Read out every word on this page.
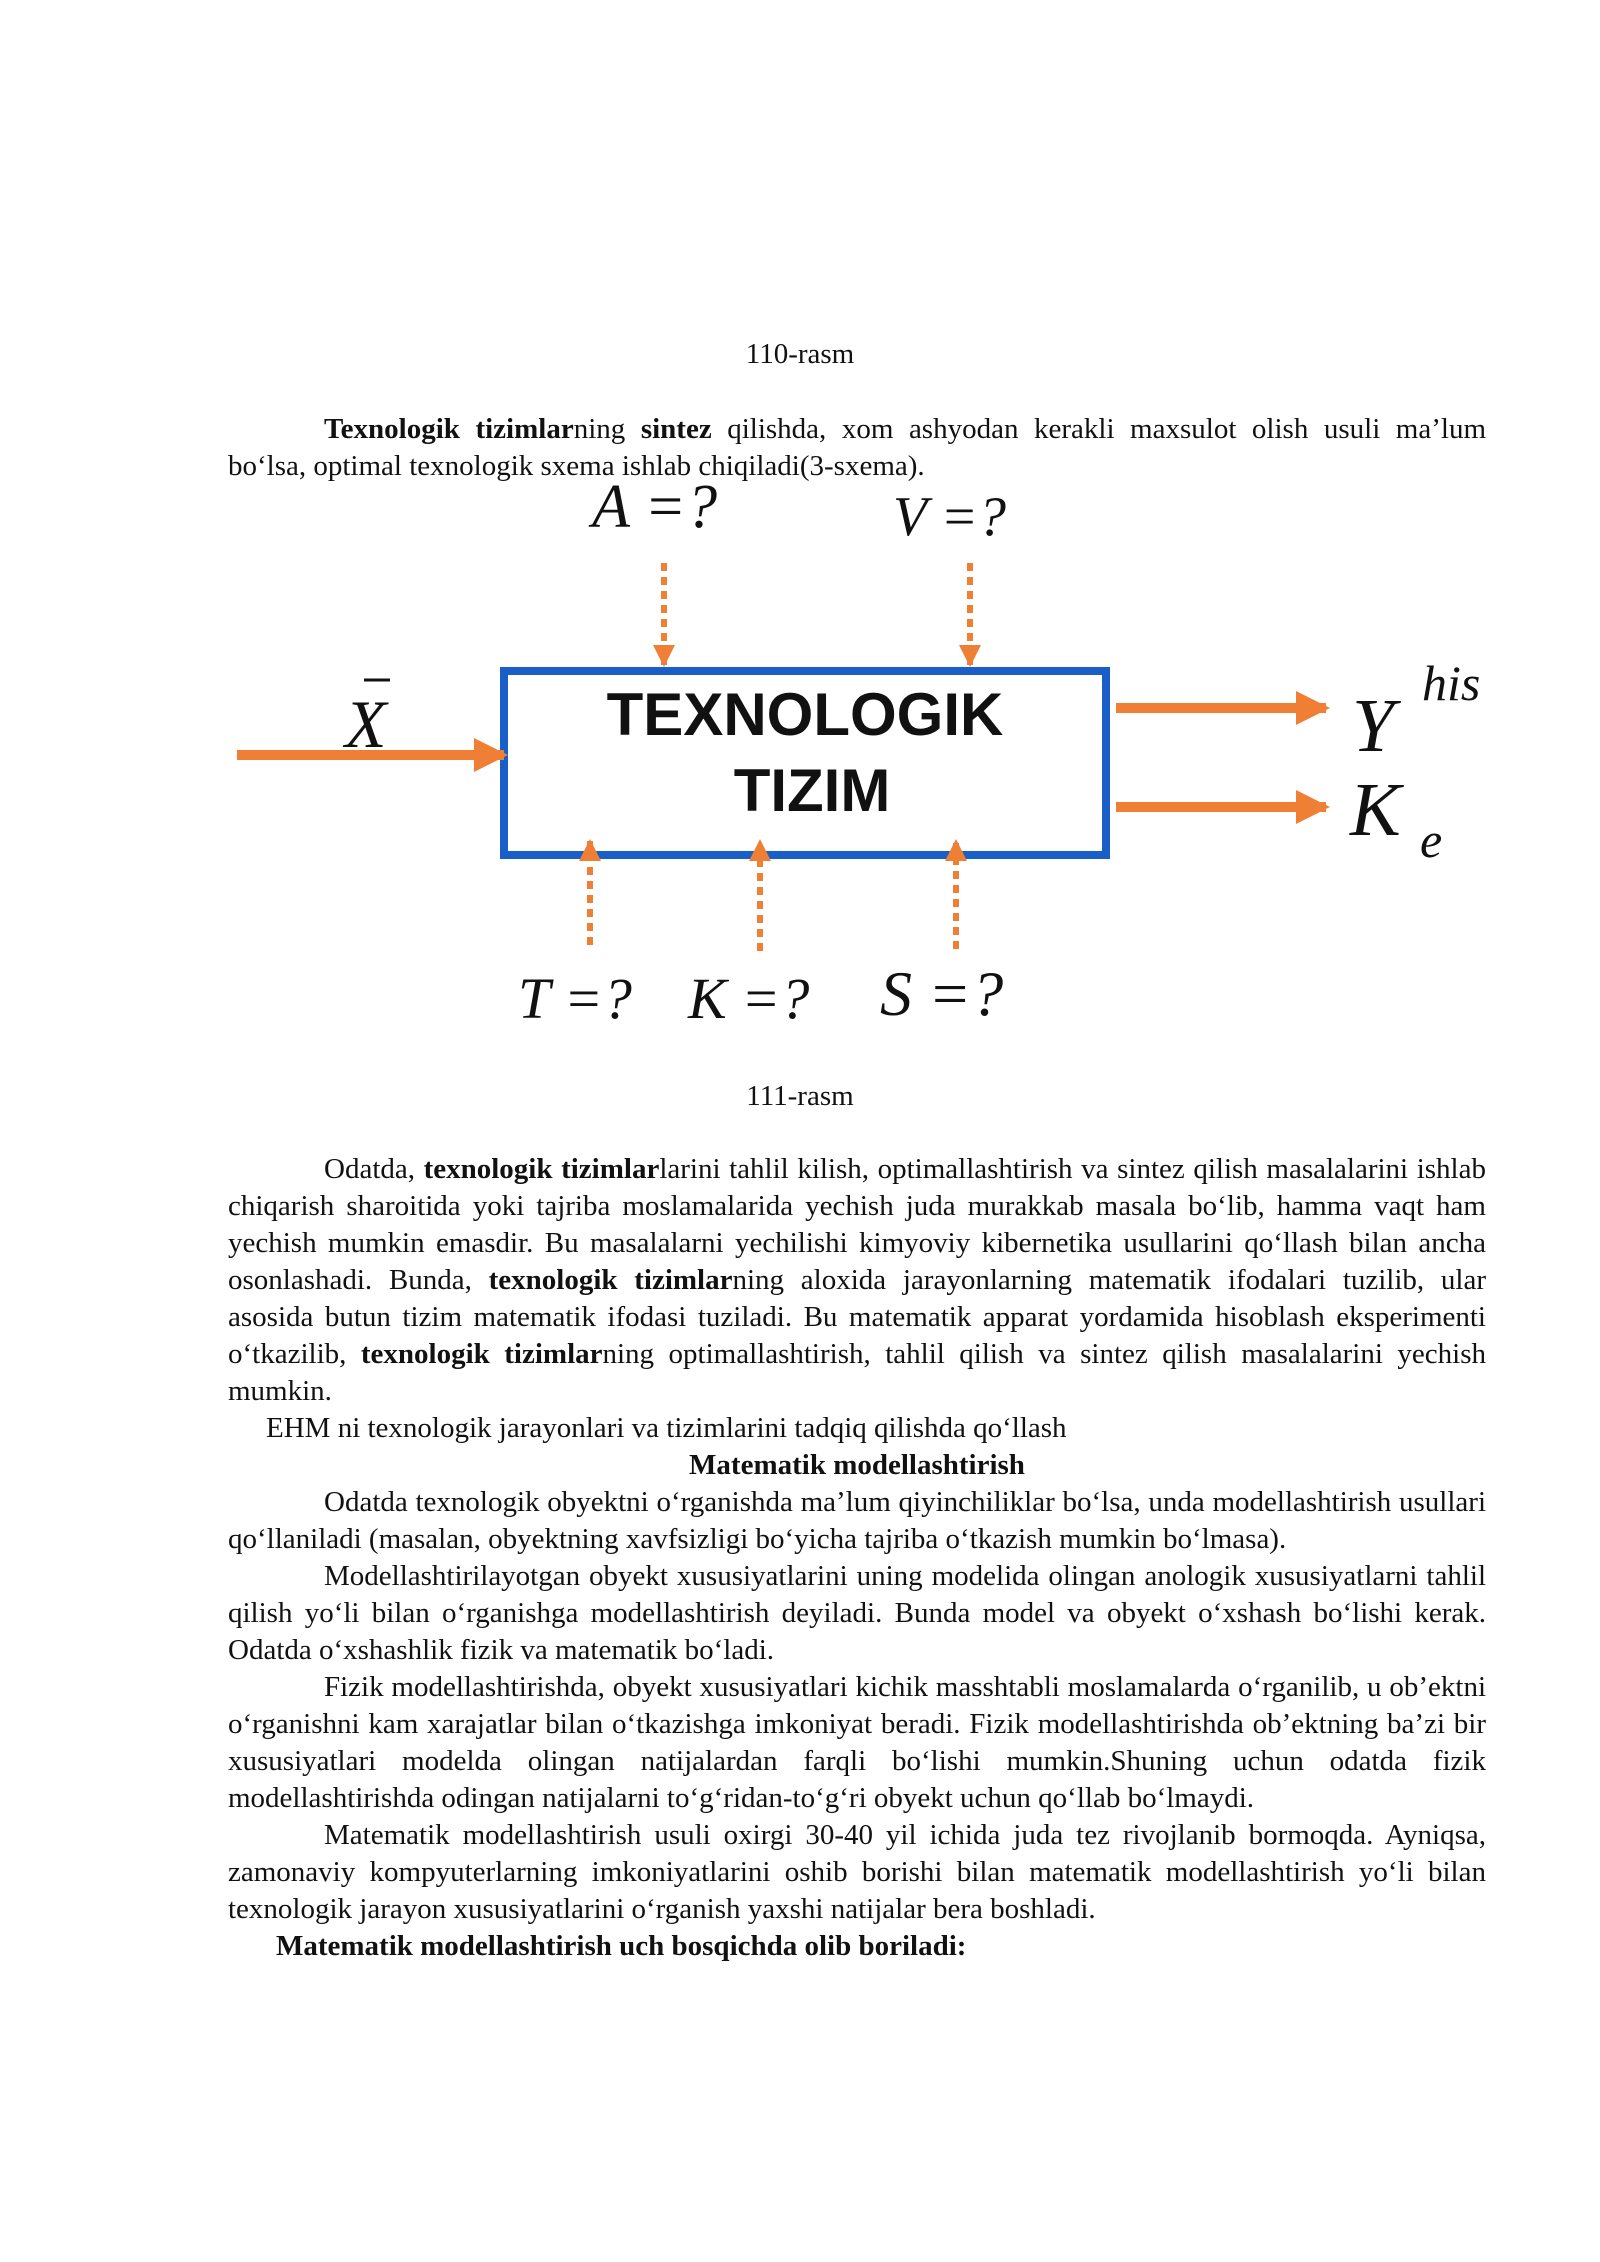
110-rasm

Texnologik tizimlarning sintez qilishda, xom ashyodan kerakli maxsulot olish usuli ma’lum bo‘lsa, optimal texnologik sxema ishlab chiqiladi(3-sxema).

A =?	V =?
TEXNOLOGIK
TIZIM
X	Y
his
K e
T =? K =? S =?
111-rasm

Odatda, texnologik tizimlarlarini tahlil kilish, optimallashtirish va sintez qilish masalalarini ishlab chiqarish sharoitida yoki tajriba moslamalarida yechish juda murakkab masala bo‘lib, hamma vaqt ham yechish mumkin emasdir. Bu masalalarni yechilishi kimyoviy kibernetika usullarini qo‘llash bilan ancha osonlashadi. Bunda, texnologik tizimlarning aloxida jarayonlarning matematik ifodalari tuzilib, ular asosida butun tizim matematik ifodasi tuziladi. Bu matematik apparat yordamida hisoblash eksperimenti o‘tkazilib, texnologik tizimlarning optimallashtirish, tahlil qilish va sintez qilish masalalarini yechish mumkin.

EHM ni texnologik jarayonlari va tizimlarini tadqiq qilishda qo‘llash

Matematik modellashtirish

Odatda texnologik obyektni o‘rganishda ma’lum qiyinchiliklar bo‘lsa, unda modellashtirish usullari qo‘llaniladi (masalan, obyektning xavfsizligi bo‘yicha tajriba o‘tkazish mumkin bo‘lmasa).

Modellashtirilayotgan obyekt xususiyatlarini uning modelida olingan anologik xususiyatlarni tahlil qilish yo‘li bilan o‘rganishga modellashtirish deyiladi. Bunda model va obyekt o‘xshash bo‘lishi kerak. Odatda o‘xshashlik fizik va matematik bo‘ladi.

Fizik modellashtirishda, obyekt xususiyatlari kichik masshtabli moslamalarda o‘rganilib, u ob’ektni o‘rganishni kam xarajatlar bilan o‘tkazishga imkoniyat beradi. Fizik modellashtirishda ob’ektning ba’zi bir xususiyatlari modelda olingan natijalardan farqli bo‘lishi mumkin.Shuning uchun odatda fizik modellashtirishda odingan natijalarni to‘g‘ridan-to‘g‘ri obyekt uchun qo‘llab bo‘lmaydi.

Matematik modellashtirish usuli oxirgi 30-40 yil ichida juda tez rivojlanib bormoqda. Ayniqsa, zamonaviy kompyuterlarning imkoniyatlarini oshib borishi bilan matematik modellashtirish yo‘li bilan texnologik jarayon xususiyatlarini o‘rganish yaxshi natijalar bera boshladi.

Matematik modellashtirish uch bosqichda olib boriladi:
